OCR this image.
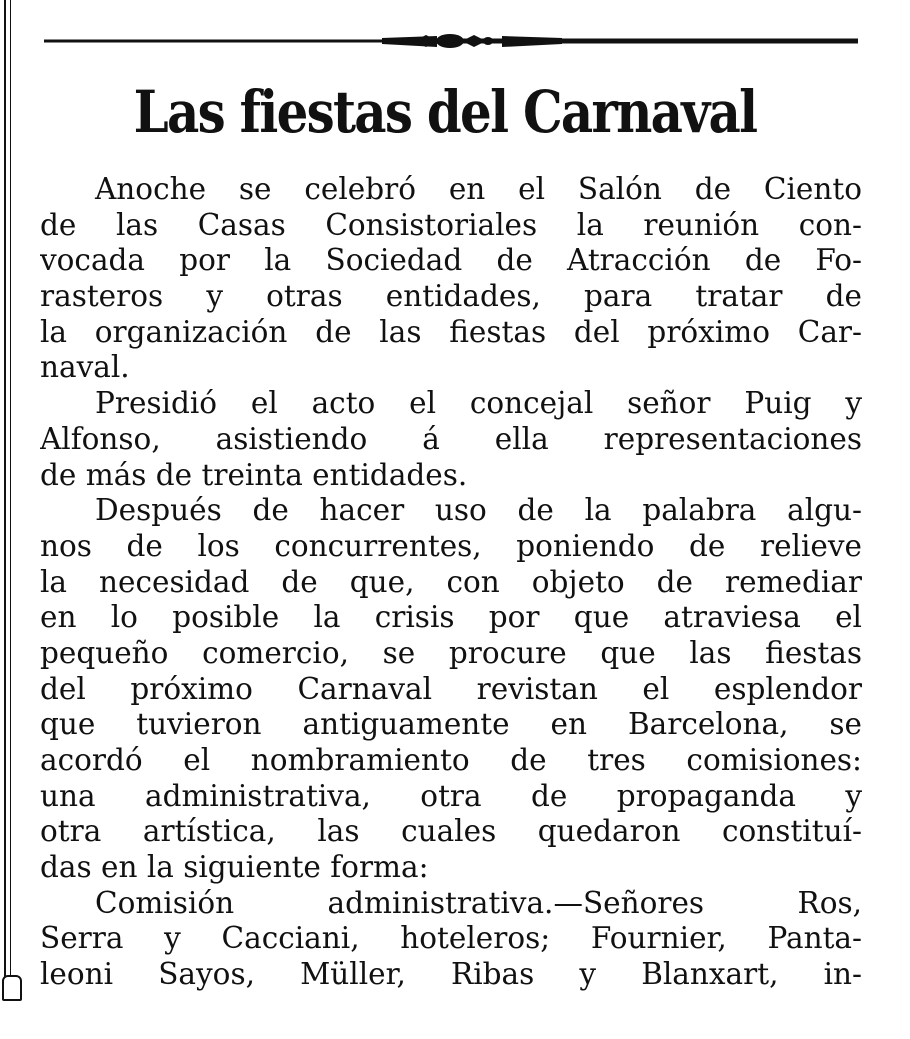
Las fiestas del Carnaval
Anoche se celebró en el Salón de Ciento
de las Casas Consistoriales la reunión con-
vocada por la Sociedad de Atracción de Fo-
rasteros y otras entidades, para tratar de
la organización de las fiestas del próximo Car-
naval.
Presidió el acto el concejal señor Puig y
Alfonso, asistiendo á ella representaciones
de más de treinta entidades.
Después de hacer uso de la palabra algu-
nos de los concurrentes, poniendo de relieve
la necesidad de que, con objeto de remediar
en lo posible la crisis por que atraviesa el
pequeño comercio, se procure que las fiestas
del próximo Carnaval revistan el esplendor
que tuvieron antiguamente en Barcelona, se
acordó el nombramiento de tres comisiones:
una administrativa, otra de propaganda y
otra artística, las cuales quedaron constituí-
das en la siguiente forma:
Comisión administrativa.—Señores Ros,
Serra y Cacciani, hoteleros; Fournier, Panta-
leoni Sayos, Müller, Ribas y Blanxart, in-
